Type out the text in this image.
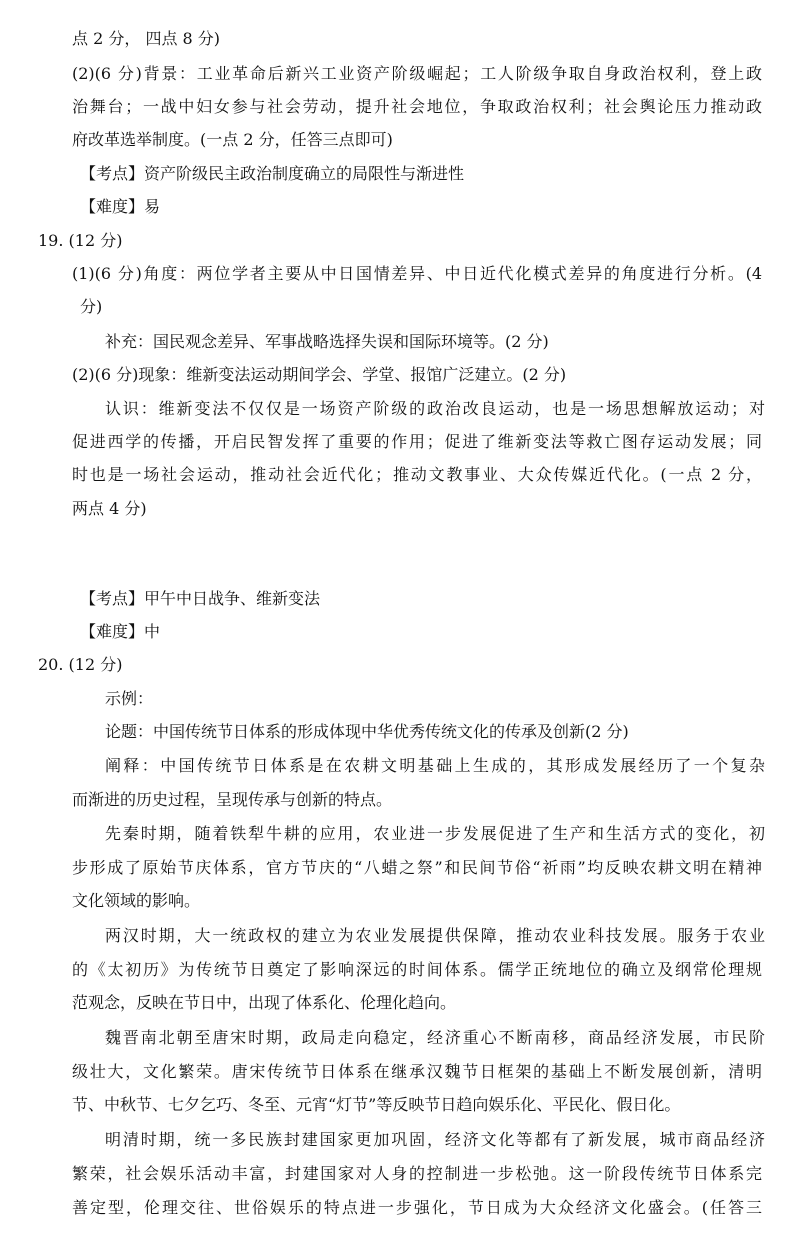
点 2 分， 四点 8 分)
(2)(6 分)背景：工业革命后新兴工业资产阶级崛起；工人阶级争取自身政治权利，登上政
治舞台；一战中妇女参与社会劳动，提升社会地位，争取政治权利；社会舆论压力推动政
府改革选举制度。(一点 2 分，任答三点即可)
【考点】资产阶级民主政治制度确立的局限性与渐进性
【难度】易
19. (12 分)
(1)(6 分)角度：两位学者主要从中日国情差异、中日近代化模式差异的角度进行分析。(4
分)
补充：国民观念差异、军事战略选择失误和国际环境等。(2 分)
(2)(6 分)现象：维新变法运动期间学会、学堂、报馆广泛建立。(2 分)
认识：维新变法不仅仅是一场资产阶级的政治改良运动，也是一场思想解放运动；对
促进西学的传播，开启民智发挥了重要的作用；促进了维新变法等救亡图存运动发展；同
时也是一场社会运动，推动社会近代化；推动文教事业、大众传媒近代化。(一点 2 分，
两点 4 分)
【考点】甲午中日战争、维新变法
【难度】中
20. (12 分)
示例：
论题：中国传统节日体系的形成体现中华优秀传统文化的传承及创新(2 分)
阐释：中国传统节日体系是在农耕文明基础上生成的，其形成发展经历了一个复杂
而渐进的历史过程，呈现传承与创新的特点。
先秦时期，随着铁犁牛耕的应用，农业进一步发展促进了生产和生活方式的变化，初
步形成了原始节庆体系，官方节庆的“八蜡之祭”和民间节俗“祈雨”均反映农耕文明在精神
文化领域的影响。
两汉时期，大一统政权的建立为农业发展提供保障，推动农业科技发展。服务于农业
的《太初历》为传统节日奠定了影响深远的时间体系。儒学正统地位的确立及纲常伦理规
范观念，反映在节日中，出现了体系化、伦理化趋向。
魏晋南北朝至唐宋时期，政局走向稳定，经济重心不断南移，商品经济发展，市民阶
级壮大，文化繁荣。唐宋传统节日体系在继承汉魏节日框架的基础上不断发展创新，清明
节、中秋节、七夕乞巧、冬至、元宵“灯节”等反映节日趋向娱乐化、平民化、假日化。
明清时期，统一多民族封建国家更加巩固，经济文化等都有了新发展，城市商品经济
繁荣，社会娱乐活动丰富，封建国家对人身的控制进一步松弛。这一阶段传统节日体系完
善定型，伦理交往、世俗娱乐的特点进一步强化，节日成为大众经济文化盛会。(任答三
